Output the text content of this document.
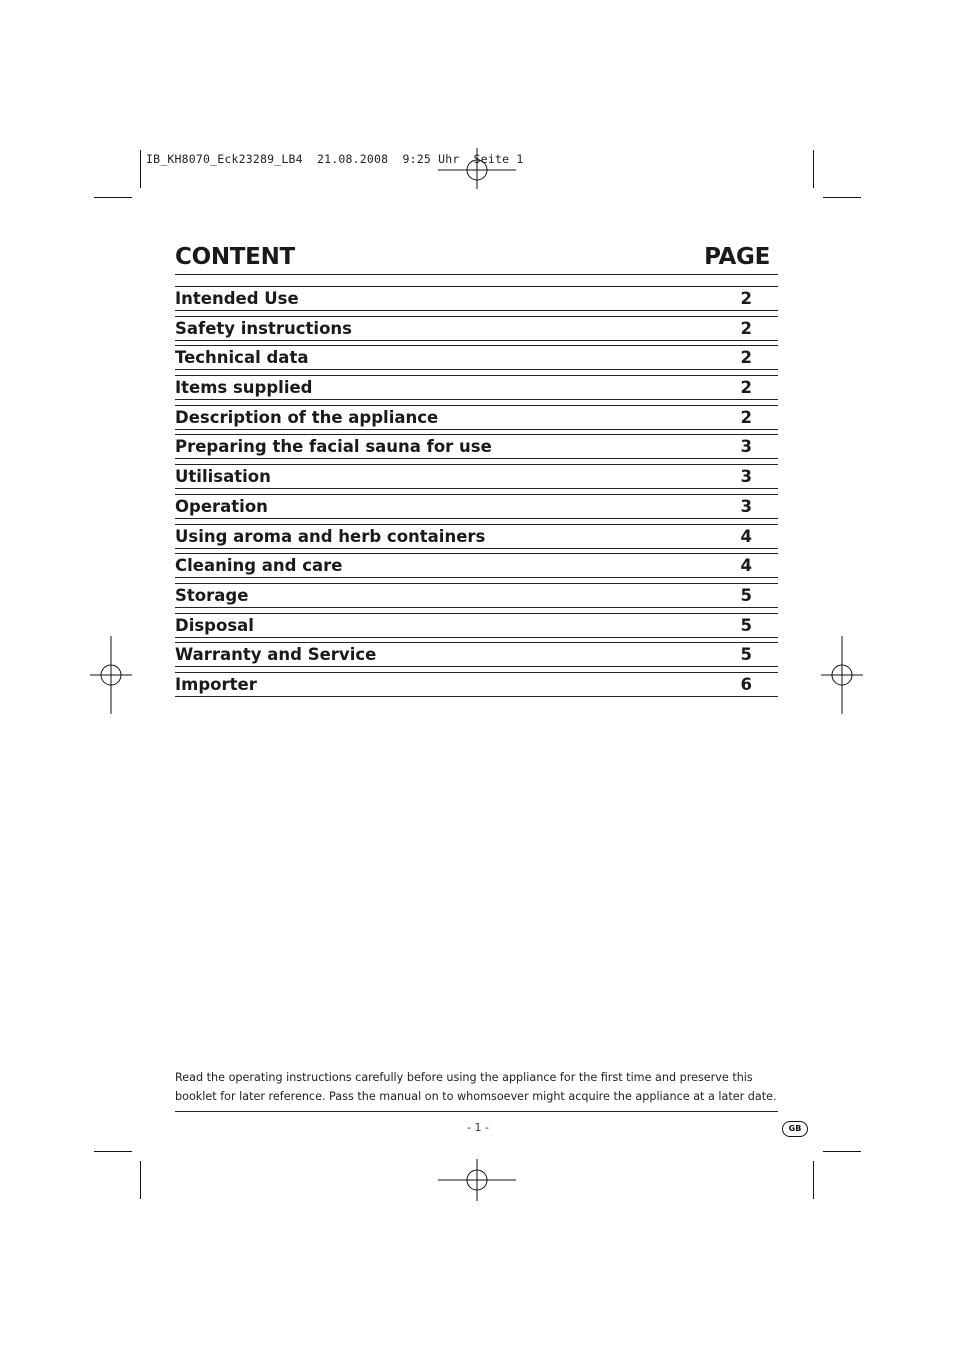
IB_KH8070_Eck23289_LB4  21.08.2008  9:25 Uhr  Seite 1
CONTENT	PAGE
Intended Use	2
Safety instructions	2
Technical data	2
Items supplied	2
Description of the appliance	2
Preparing the facial sauna for use	3
Utilisation	3
Operation	3
Using aroma and herb containers	4
Cleaning and care	4
Storage	5
Disposal	5
Warranty and Service	5
Importer	6
Read the operating instructions carefully before using the appliance for the first time and preserve this booklet for later reference. Pass the manual on to whomsoever might acquire the appliance at a later date.
- 1 -	GB
